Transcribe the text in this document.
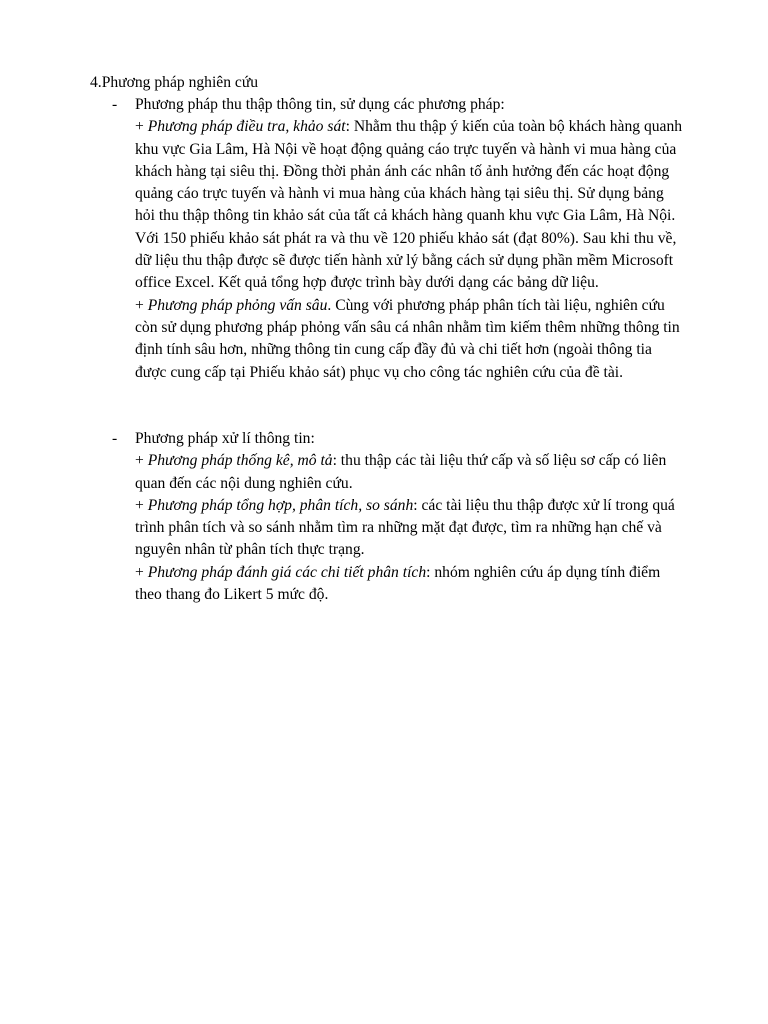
4.Phương pháp nghiên cứu
- Phương pháp thu thập thông tin, sử dụng các phương pháp:

+ Phương pháp điều tra, khảo sát: Nhằm thu thập ý kiến của toàn bộ khách hàng quanh khu vực Gia Lâm, Hà Nội về hoạt động quảng cáo trực tuyến và hành vi mua hàng của khách hàng tại siêu thị. Đồng thời phản ánh các nhân tố ảnh hưởng đến các hoạt động quảng cáo trực tuyến và hành vi mua hàng của khách hàng tại siêu thị. Sử dụng bảng hỏi thu thập thông tin khảo sát của tất cả khách hàng quanh khu vực Gia Lâm, Hà Nội. Với 150 phiếu khảo sát phát ra và thu về 120 phiếu khảo sát (đạt 80%). Sau khi thu về, dữ liệu thu thập được sẽ được tiến hành xử lý bằng cách sử dụng phần mềm Microsoft office Excel. Kết quả tổng hợp được trình bày dưới dạng các bảng dữ liệu.

+ Phương pháp phỏng vấn sâu. Cùng với phương pháp phân tích tài liệu, nghiên cứu còn sử dụng phương pháp phỏng vấn sâu cá nhân nhằm tìm kiếm thêm những thông tin định tính sâu hơn, những thông tin cung cấp đầy đủ và chi tiết hơn (ngoài thông tia được cung cấp tại Phiếu khảo sát) phục vụ cho công tác nghiên cứu của đề tài.

- Phương pháp xử lí thông tin:

+ Phương pháp thống kê, mô tả: thu thập các tài liệu thứ cấp và số liệu sơ cấp có liên quan đến các nội dung nghiên cứu.

+ Phương pháp tổng hợp, phân tích, so sánh: các tài liệu thu thập được xử lí trong quá trình phân tích và so sánh nhằm tìm ra những mặt đạt được, tìm ra những hạn chế và nguyên nhân từ phân tích thực trạng.

+ Phương pháp đánh giá các chi tiết phân tích: nhóm nghiên cứu áp dụng tính điểm theo thang đo Likert 5 mức độ.
